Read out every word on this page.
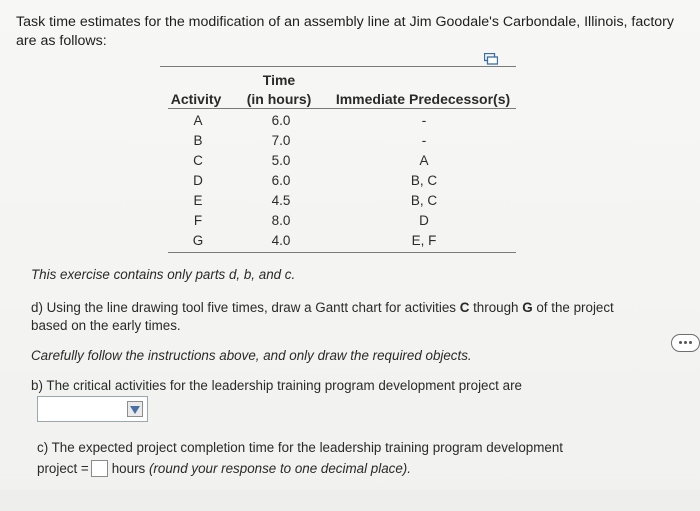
Task time estimates for the modification of an assembly line at Jim Goodale's Carbondale, Illinois, factory are as follows:
Time
Activity	(in hours)	Immediate Predecessor(s)
A	6.0	-
B	7.0	-
C	5.0	A
D	6.0	B, C
E	4.5	B, C
F	8.0	D
G	4.0	E, F
This exercise contains only parts d, b, and c.
d) Using the line drawing tool five times, draw a Gantt chart for activities C through G of the project based on the early times.
Carefully follow the instructions above, and only draw the required objects.
b) The critical activities for the leadership training program development project are
c) The expected project completion time for the leadership training program development
project = hours (round your response to one decimal place).
